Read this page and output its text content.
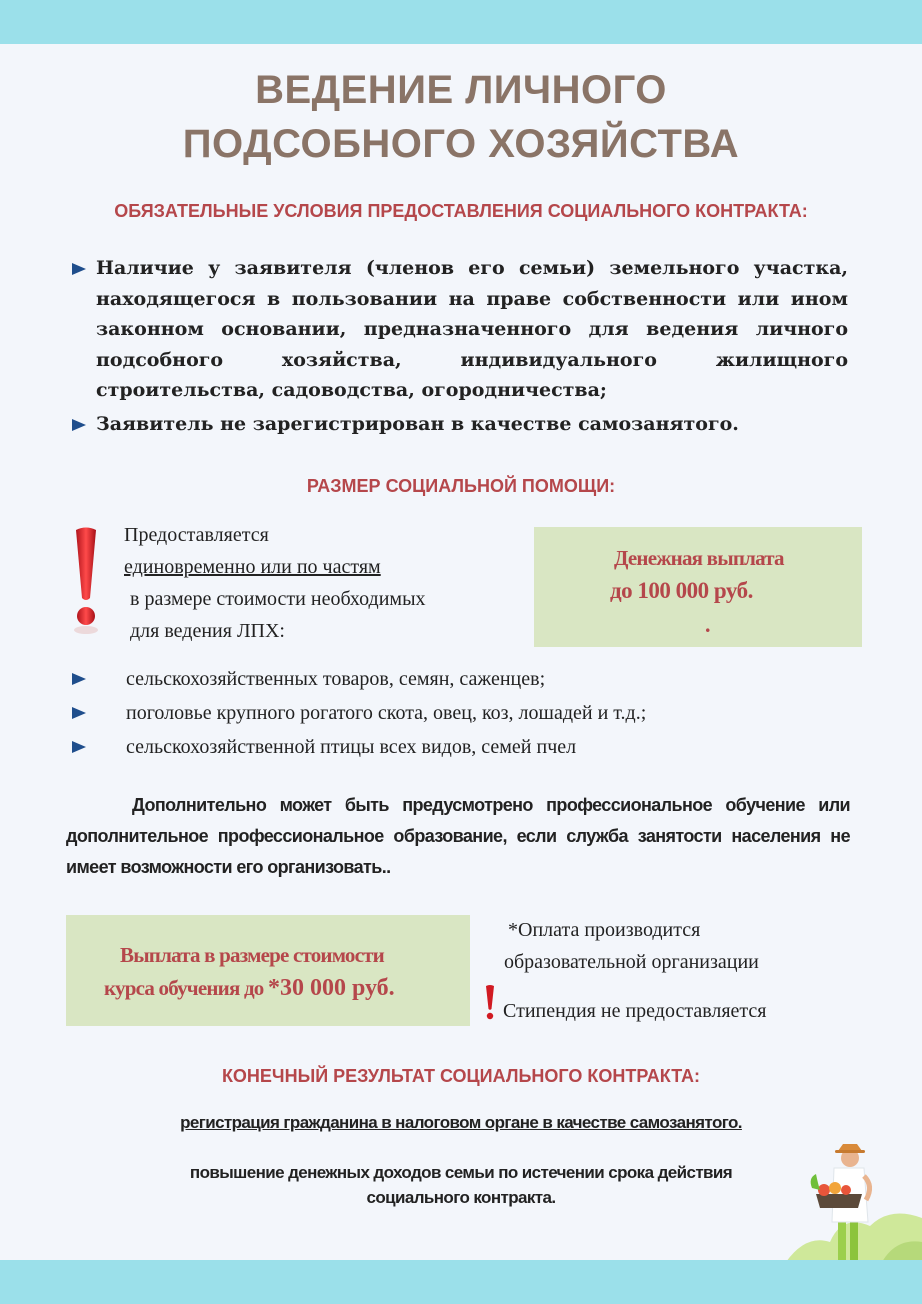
ВЕДЕНИЕ ЛИЧНОГО
ПОДСОБНОГО ХОЗЯЙСТВА
ОБЯЗАТЕЛЬНЫЕ УСЛОВИЯ ПРЕДОСТАВЛЕНИЯ СОЦИАЛЬНОГО КОНТРАКТА:
Наличие у заявителя (членов его семьи) земельного участка, находящегося в пользовании на праве собственности или ином законном основании, предназначенного для ведения личного подсобного хозяйства, индивидуального жилищного строительства, садоводства, огородничества;
Заявитель не зарегистрирован в качестве самозанятого.
РАЗМЕР СОЦИАЛЬНОЙ ПОМОЩИ:
Предоставляется
единовременно или по частям
в размере стоимости необходимых
для ведения ЛПХ:
Денежная выплата
до 100 000 руб.
.
сельскохозяйственных товаров, семян, саженцев;
поголовье крупного рогатого скота, овец, коз, лошадей и т.д.;
сельскохозяйственной птицы всех видов, семей пчел
Дополнительно может быть предусмотрено профессиональное обучение или дополнительное профессиональное образование, если служба занятости населения не имеет возможности его организовать..
Выплата в размере стоимости
курса обучения до *30 000 руб.
*Оплата производится
образовательной организации
Стипендия не предоставляется
КОНЕЧНЫЙ РЕЗУЛЬТАТ СОЦИАЛЬНОГО КОНТРАКТА:
регистрация гражданина в налоговом органе в качестве самозанятого.
повышение денежных доходов семьи по истечении срока действия
социального контракта.
